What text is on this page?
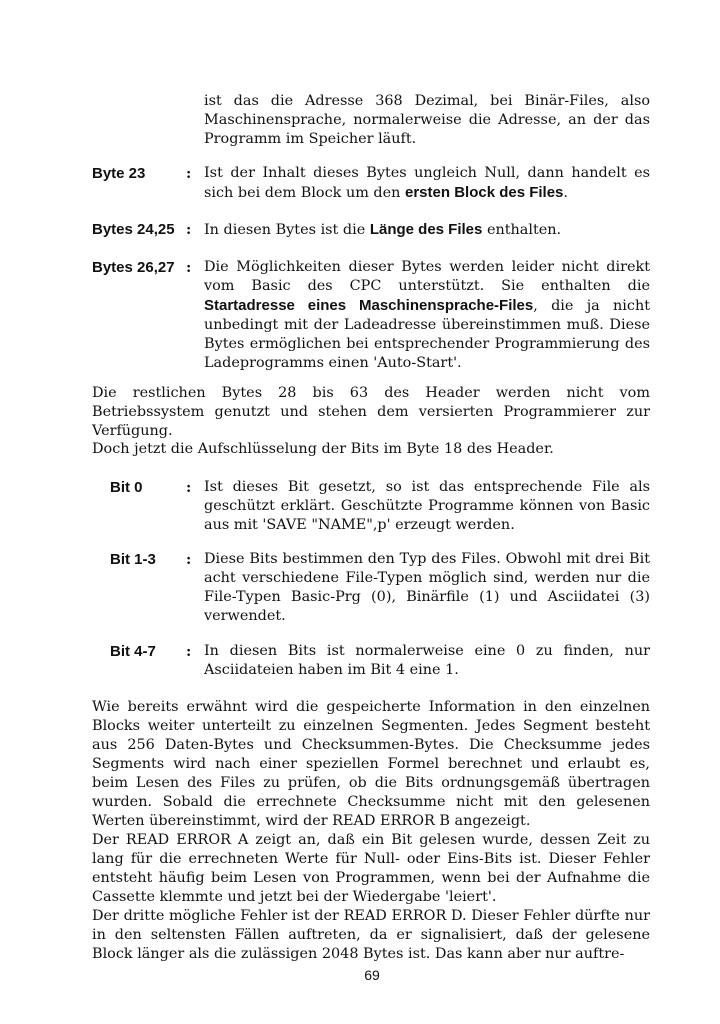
ist das die Adresse 368 Dezimal, bei Binär-Files, also Maschinensprache, normalerweise die Adresse, an der das Programm im Speicher läuft.
Byte 23	: Ist der Inhalt dieses Bytes ungleich Null, dann handelt es sich bei dem Block um den ersten Block des Files.
Bytes 24,25 : In diesen Bytes ist die Länge des Files enthalten.
Bytes 26,27 : Die Möglichkeiten dieser Bytes werden leider nicht direkt vom Basic des CPC unterstützt. Sie enthalten die Startadresse eines Maschinensprache-Files, die ja nicht unbedingt mit der Ladeadresse übereinstimmen muß. Diese Bytes ermöglichen bei entsprechender Programmierung des Ladeprogramms einen 'Auto-Start'.
Die restlichen Bytes 28 bis 63 des Header werden nicht vom Betriebssystem genutzt und stehen dem versierten Programmierer zur Verfügung.
Doch jetzt die Aufschlüsselung der Bits im Byte 18 des Header.
Bit 0	: Ist dieses Bit gesetzt, so ist das entsprechende File als geschützt erklärt. Geschützte Programme können von Basic aus mit 'SAVE "NAME",p' erzeugt werden.
Bit 1-3 : Diese Bits bestimmen den Typ des Files. Obwohl mit drei Bit acht verschiedene File-Typen möglich sind, werden nur die File-Typen Basic-Prg (0), Binärfile (1) und Asciidatei (3) verwendet.
Bit 4-7 : In diesen Bits ist normalerweise eine 0 zu finden, nur Asciidateien haben im Bit 4 eine 1.
Wie bereits erwähnt wird die gespeicherte Information in den einzelnen Blocks weiter unterteilt zu einzelnen Segmenten. Jedes Segment besteht aus 256 Daten-Bytes und Checksummen-Bytes. Die Checksumme jedes Segments wird nach einer speziellen Formel berechnet und erlaubt es, beim Lesen des Files zu prüfen, ob die Bits ordnungsgemäß übertragen wurden. Sobald die errechnete Checksumme nicht mit den gelesenen Werten übereinstimmt, wird der READ ERROR B angezeigt.
Der READ ERROR A zeigt an, daß ein Bit gelesen wurde, dessen Zeit zu lang für die errechneten Werte für Null- oder Eins-Bits ist. Dieser Fehler entsteht häufig beim Lesen von Programmen, wenn bei der Aufnahme die Cassette klemmte und jetzt bei der Wiedergabe 'leiert'.
Der dritte mögliche Fehler ist der READ ERROR D. Dieser Fehler dürfte nur in den seltensten Fällen auftreten, da er signalisiert, daß der gelesene Block länger als die zulässigen 2048 Bytes ist. Das kann aber nur auftre-
69
